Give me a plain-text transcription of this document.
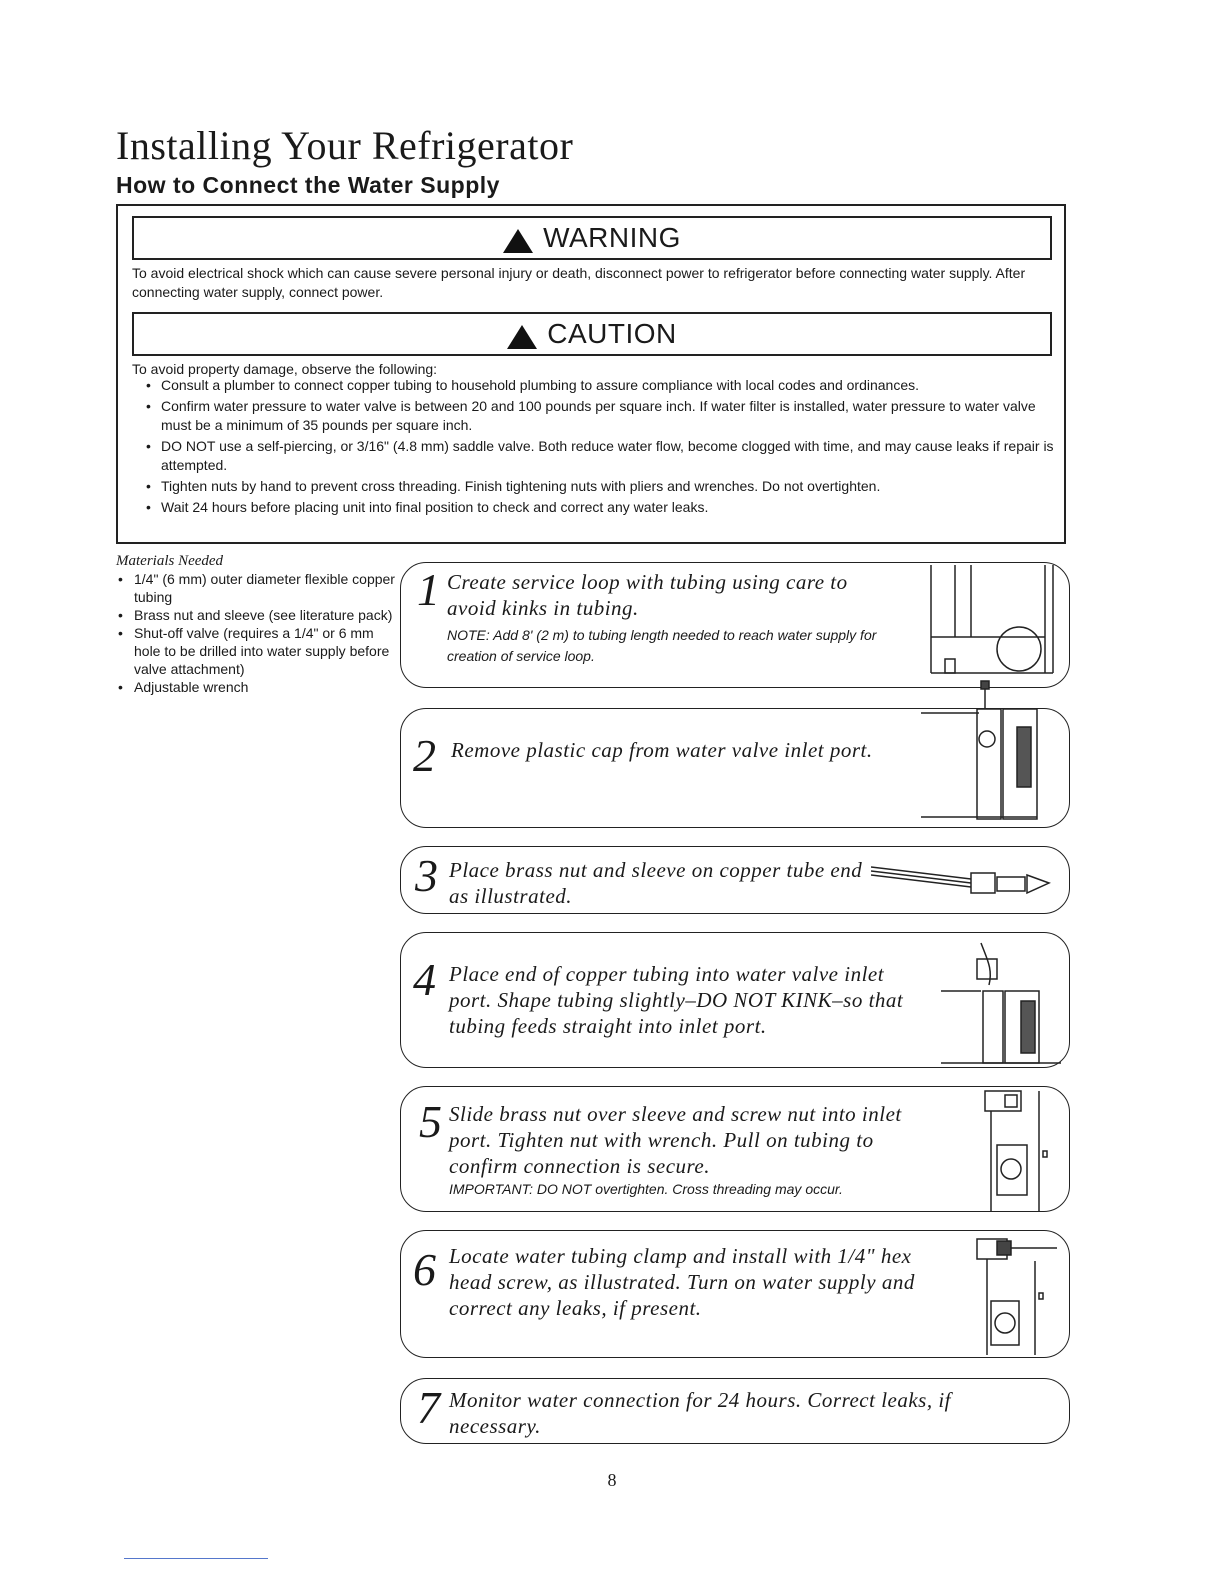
Installing Your Refrigerator
How to Connect the Water Supply
WARNING
To avoid electrical shock which can cause severe personal injury or death, disconnect power to refrigerator before connecting water supply. After connecting water supply, connect power.
CAUTION
To avoid property damage, observe the following:
• Consult a plumber to connect copper tubing to household plumbing to assure compliance with local codes and ordinances.
• Confirm water pressure to water valve is between 20 and 100 pounds per square inch. If water filter is installed, water pressure to water valve must be a minimum of 35 pounds per square inch.
• DO NOT use a self-piercing, or 3/16" (4.8 mm) saddle valve. Both reduce water flow, become clogged with time, and may cause leaks if repair is attempted.
• Tighten nuts by hand to prevent cross threading. Finish tightening nuts with pliers and wrenches. Do not overtighten.
• Wait 24 hours before placing unit into final position to check and correct any water leaks.
Materials Needed
• 1/4" (6 mm) outer diameter flexible copper tubing
• Brass nut and sleeve (see literature pack)
• Shut-off valve (requires a 1/4" or 6 mm hole to be drilled into water supply before valve attachment)
• Adjustable wrench
1 Create service loop with tubing using care to avoid kinks in tubing.
NOTE: Add 8' (2 m) to tubing length needed to reach water supply for creation of service loop.
2 Remove plastic cap from water valve inlet port.
3 Place brass nut and sleeve on copper tube end as illustrated.
4 Place end of copper tubing into water valve inlet port. Shape tubing slightly–DO NOT KINK–so that tubing feeds straight into inlet port.
5 Slide brass nut over sleeve and screw nut into inlet port. Tighten nut with wrench. Pull on tubing to confirm connection is secure.
IMPORTANT: DO NOT overtighten. Cross threading may occur.
6 Locate water tubing clamp and install with 1/4" hex head screw, as illustrated. Turn on water supply and correct any leaks, if present.
7 Monitor water connection for 24 hours. Correct leaks, if necessary.
8
